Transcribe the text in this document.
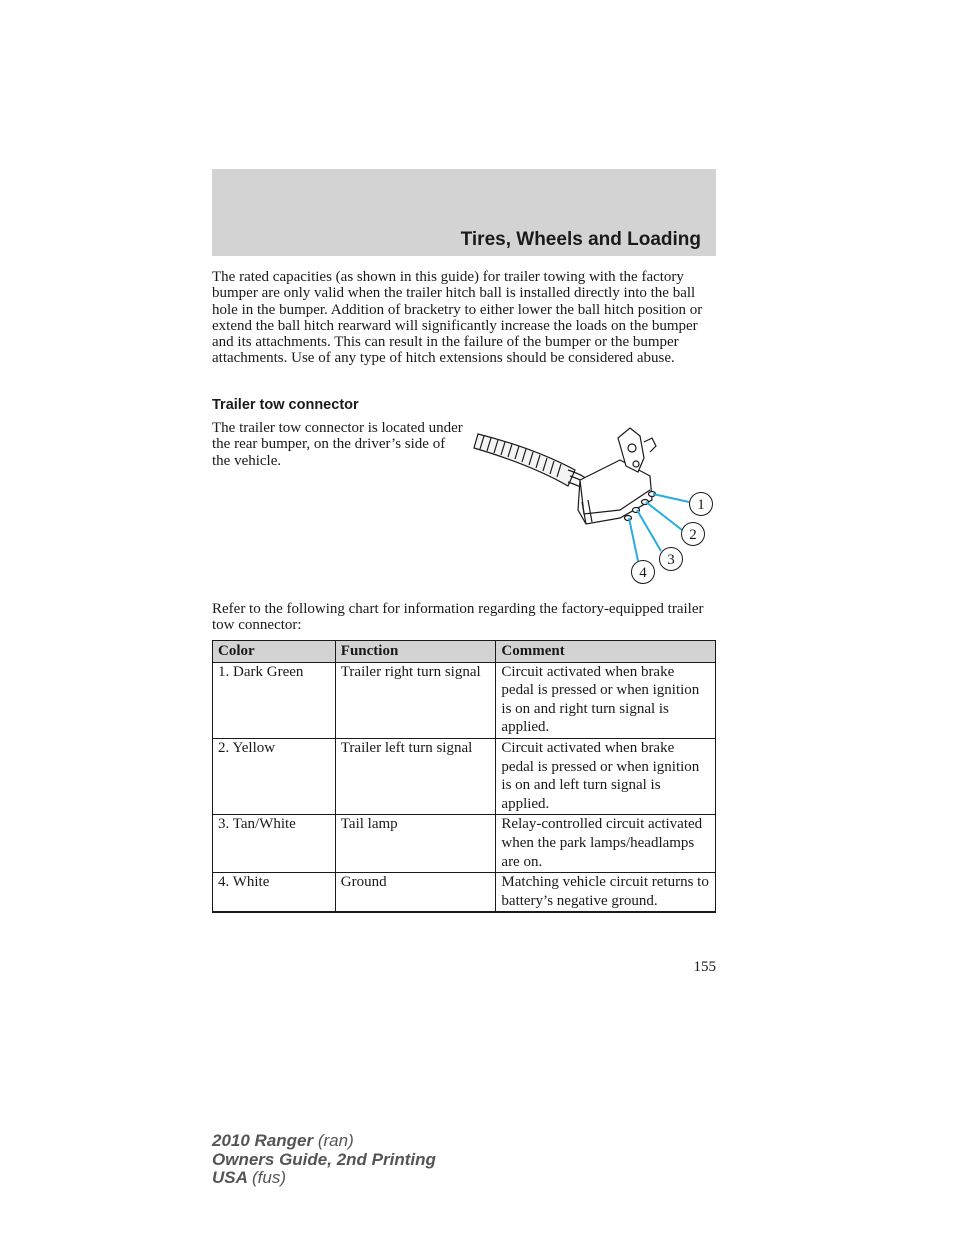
Tires, Wheels and Loading

The rated capacities (as shown in this guide) for trailer towing with the factory bumper are only valid when the trailer hitch ball is installed directly into the ball hole in the bumper. Addition of bracketry to either lower the ball hitch position or extend the ball hitch rearward will significantly increase the loads on the bumper and its attachments. This can result in the failure of the bumper or the bumper attachments. Use of any type of hitch extensions should be considered abuse.

Trailer tow connector

The trailer tow connector is located under the rear bumper, on the driver’s side of the vehicle.

1
2
3
4

Refer to the following chart for information regarding the factory-equipped trailer tow connector:

Color	Function	Comment
1. Dark Green	Trailer right turn signal	Circuit activated when brake pedal is pressed or when ignition is on and right turn signal is applied.
2. Yellow	Trailer left turn signal	Circuit activated when brake pedal is pressed or when ignition is on and left turn signal is applied.
3. Tan/White	Tail lamp	Relay-controlled circuit activated when the park lamps/headlamps are on.
4. White	Ground	Matching vehicle circuit returns to battery’s negative ground.

155

2010 Ranger (ran)
Owners Guide, 2nd Printing
USA (fus)
